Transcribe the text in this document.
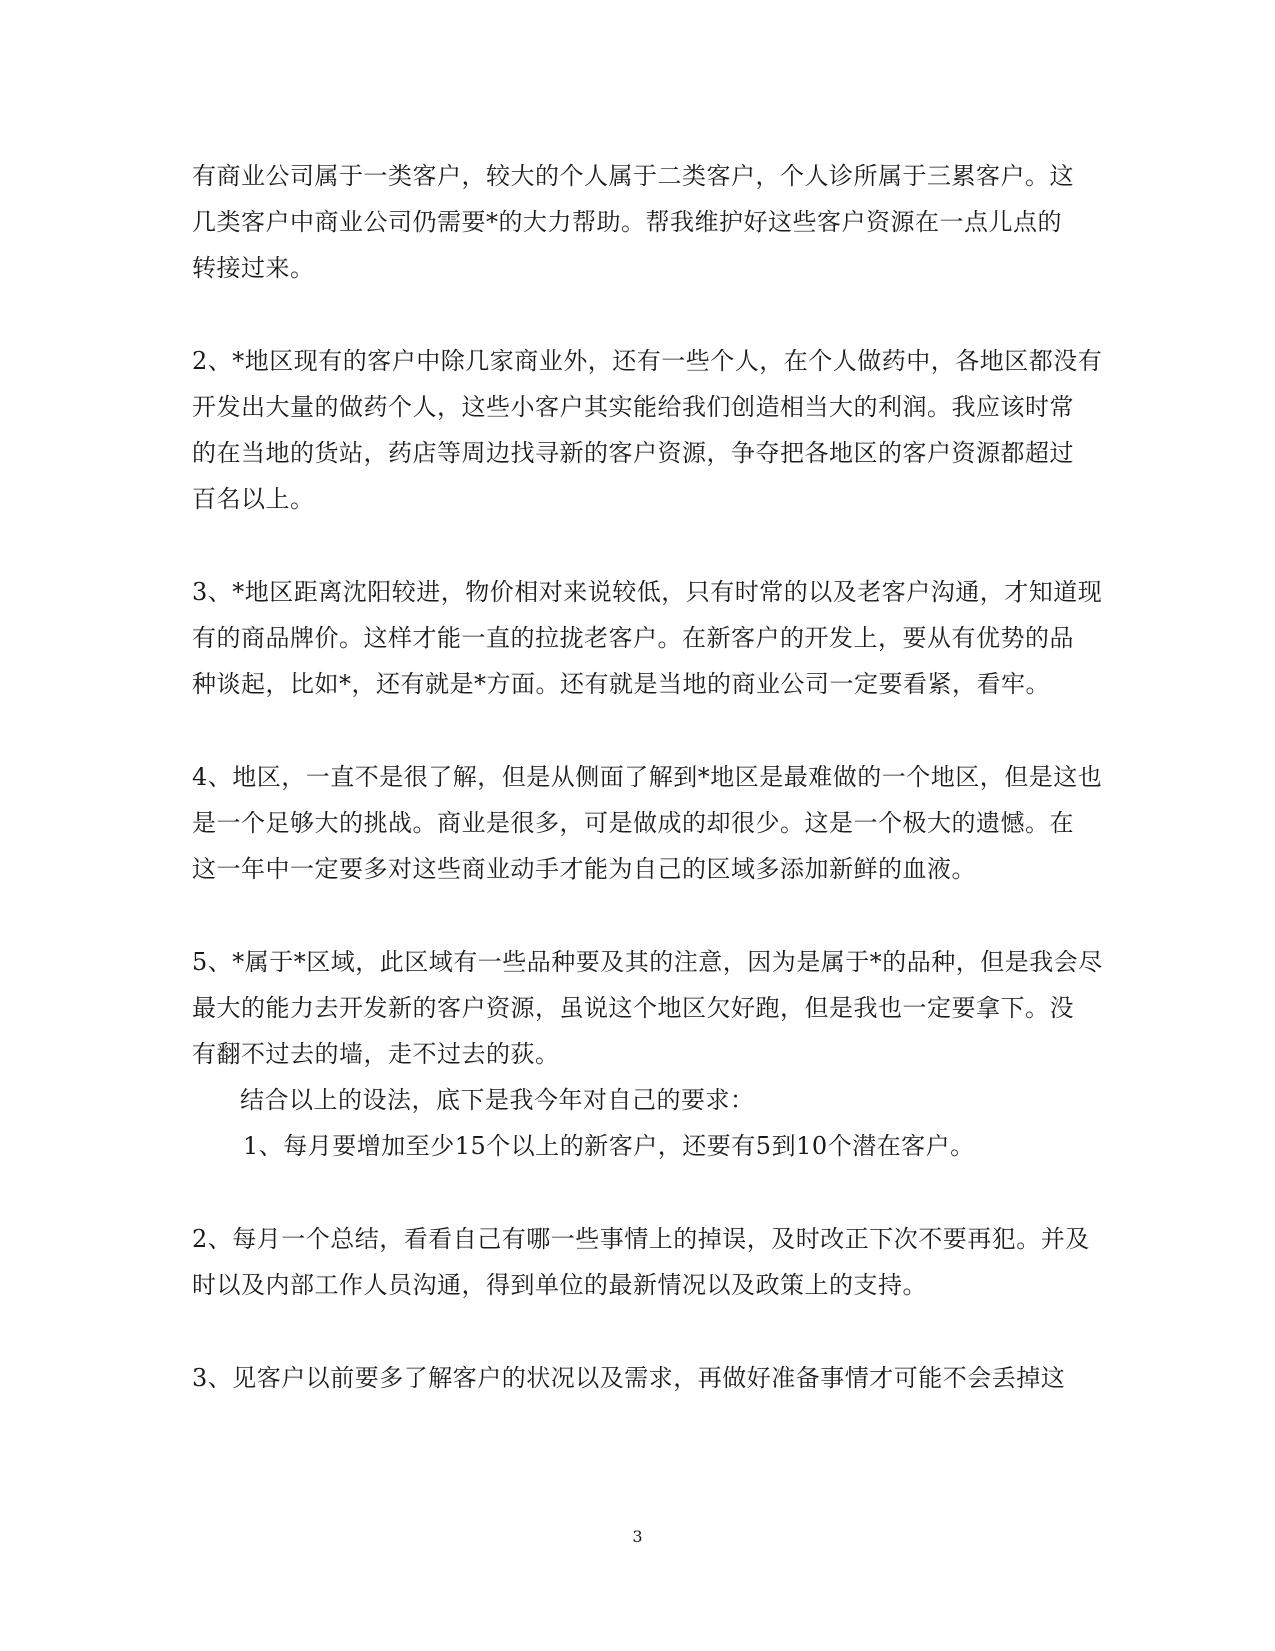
有商业公司属于一类客户，较大的个人属于二类客户，个人诊所属于三累客户。这
几类客户中商业公司仍需要*的大力帮助。帮我维护好这些客户资源在一点儿点的
转接过来。
2、*地区现有的客户中除几家商业外，还有一些个人，在个人做药中，各地区都没有
开发出大量的做药个人，这些小客户其实能给我们创造相当大的利润。我应该时常
的在当地的货站，药店等周边找寻新的客户资源，争夺把各地区的客户资源都超过
百名以上。
3、*地区距离沈阳较进，物价相对来说较低，只有时常的以及老客户沟通，才知道现
有的商品牌价。这样才能一直的拉拢老客户。在新客户的开发上，要从有优势的品
种谈起，比如*，还有就是*方面。还有就是当地的商业公司一定要看紧，看牢。
4、地区，一直不是很了解，但是从侧面了解到*地区是最难做的一个地区，但是这也
是一个足够大的挑战。商业是很多，可是做成的却很少。这是一个极大的遗憾。在
这一年中一定要多对这些商业动手才能为自己的区域多添加新鲜的血液。
5、*属于*区域，此区域有一些品种要及其的注意，因为是属于*的品种，但是我会尽
最大的能力去开发新的客户资源，虽说这个地区欠好跑，但是我也一定要拿下。没
有翻不过去的墙，走不过去的荻。
结合以上的设法，底下是我今年对自己的要求：
1、每月要增加至少15个以上的新客户，还要有5到10个潜在客户。
2、每月一个总结，看看自己有哪一些事情上的掉误，及时改正下次不要再犯。并及
时以及内部工作人员沟通，得到单位的最新情况以及政策上的支持。
3、见客户以前要多了解客户的状况以及需求，再做好准备事情才可能不会丢掉这
3
